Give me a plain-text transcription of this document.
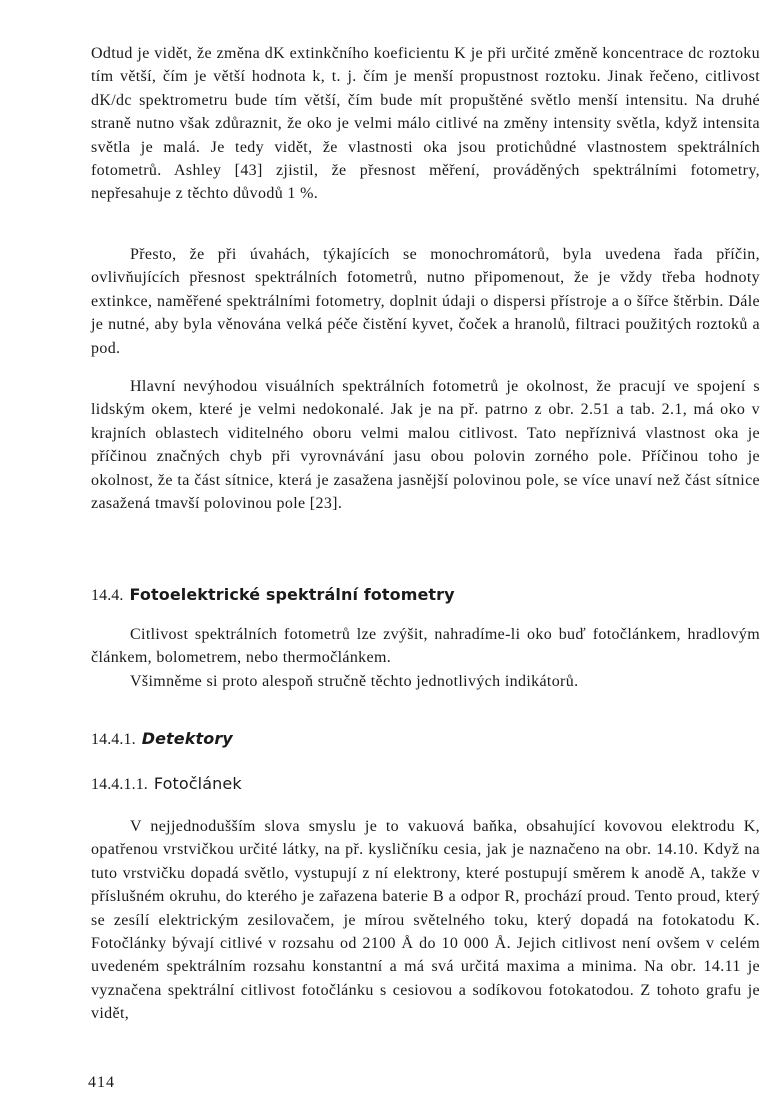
Odtud je vidět, že změna dK extinkčního koeficientu K je při určité změně koncentrace dc roztoku tím větší, čím je větší hodnota k, t. j. čím je menší propustnost roztoku. Jinak řečeno, citlivost dK/dc spektrometru bude tím větší, čím bude mít propuštěné světlo menší intensitu. Na druhé straně nutno však zdůraznit, že oko je velmi málo citlivé na změny intensity světla, když intensita světla je malá. Je tedy vidět, že vlastnosti oka jsou protichůdné vlastnostem spektrálních fotometrů. Ashley [43] zjistil, že přesnost měření, prováděných spektrálními fotometry, nepřesahuje z těchto důvodů 1 %.

Přesto, že při úvahách, týkajících se monochromátorů, byla uvedena řada příčin, ovlivňujících přesnost spektrálních fotometrů, nutno připomenout, že je vždy třeba hodnoty extinkce, naměřené spektrálními fotometry, doplnit údaji o dispersi přístroje a o šířce štěrbin. Dále je nutné, aby byla věnována velká péče čistění kyvet, čoček a hranolů, filtraci použitých roztoků a pod.

Hlavní nevýhodou visuálních spektrálních fotometrů je okolnost, že pracují ve spojení s lidským okem, které je velmi nedokonalé. Jak je na př. patrno z obr. 2.51 a tab. 2.1, má oko v krajních oblastech viditelného oboru velmi malou citlivost. Tato nepříznivá vlastnost oka je příčinou značných chyb při vyrovnávání jasu obou polovin zorného pole. Příčinou toho je okolnost, že ta část sítnice, která je zasažena jasnější polovinou pole, se více unaví než část sítnice zasažená tmavší polovinou pole [23].

14.4. Fotoelektrické spektrální fotometry

Citlivost spektrálních fotometrů lze zvýšit, nahradíme-li oko buď fotočlánkem, hradlovým článkem, bolometrem, nebo thermočlánkem.

Všimněme si proto alespoň stručně těchto jednotlivých indikátorů.

14.4.1. Detektory
14.4.1.1. Fotočlánek

V nejjednodušším slova smyslu je to vakuová baňka, obsahující kovovou elektrodu K, opatřenou vrstvičkou určité látky, na př. kysličníku cesia, jak je naznačeno na obr. 14.10. Když na tuto vrstvičku dopadá světlo, vystupují z ní elektrony, které postupují směrem k anodě A, takže v příslušném okruhu, do kterého je zařazena baterie B a odpor R, prochází proud. Tento proud, který se zesílí elektrickým zesilovačem, je mírou světelného toku, který dopadá na fotokatodu K. Fotočlánky bývají citlivé v rozsahu od 2100 Å do 10 000 Å. Jejich citlivost není ovšem v celém uvedeném spektrálním rozsahu konstantní a má svá určitá maxima a minima. Na obr. 14.11 je vyznačena spektrální citlivost fotočlánku s cesiovou a sodíkovou fotokatodou. Z tohoto grafu je vidět,

414
